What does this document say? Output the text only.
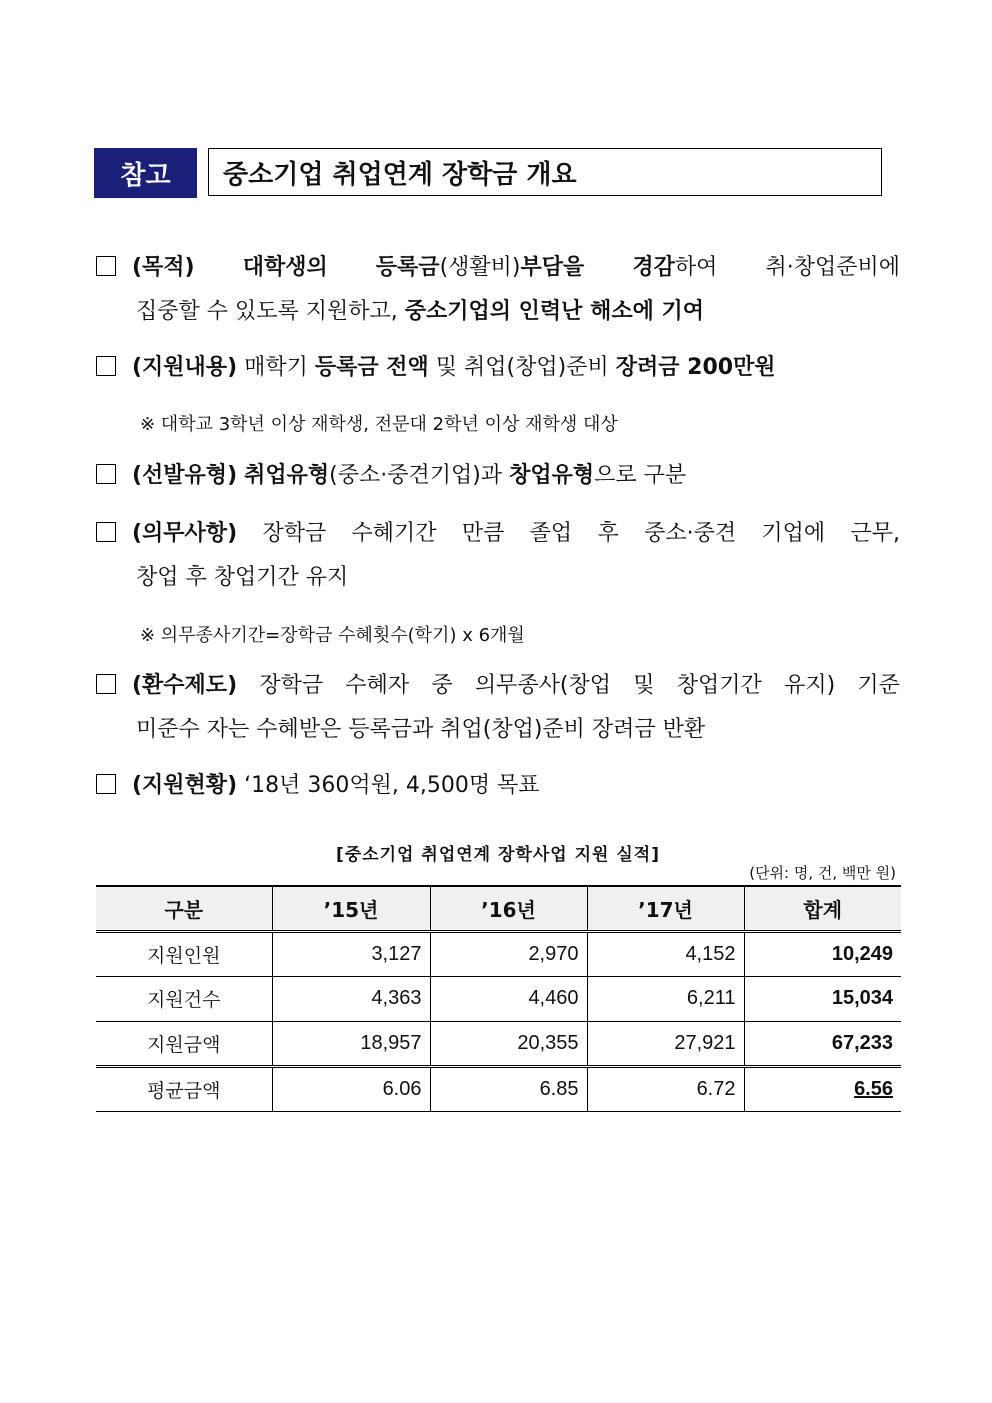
참고	중소기업 취업연계 장학금 개요
(목적) 대학생의 등록금(생활비)부담을 경감하여 취·창업준비에
집중할 수 있도록 지원하고, 중소기업의 인력난 해소에 기여
(지원내용) 매학기 등록금 전액 및 취업(창업)준비 장려금 200만원
※ 대학교 3학년 이상 재학생, 전문대 2학년 이상 재학생 대상
(선발유형) 취업유형(중소·중견기업)과 창업유형으로 구분
(의무사항) 장학금 수혜기간 만큼 졸업 후 중소·중견 기업에 근무,
창업 후 창업기간 유지
※ 의무종사기간=장학금 수혜횟수(학기) x 6개월
(환수제도) 장학금 수혜자 중 의무종사(창업 및 창업기간 유지) 기준
미준수 자는 수혜받은 등록금과 취업(창업)준비 장려금 반환
(지원현황) ‘18년 360억원, 4,500명 목표
[중소기업 취업연계 장학사업 지원 실적]
(단위: 명, 건, 백만 원)
구분	’15년	’16년	’17년	합계
지원인원	3,127	2,970	4,152	10,249
지원건수	4,363	4,460	6,211	15,034
지원금액	18,957	20,355	27,921	67,233
평균금액	6.06	6.85	6.72	6.56
